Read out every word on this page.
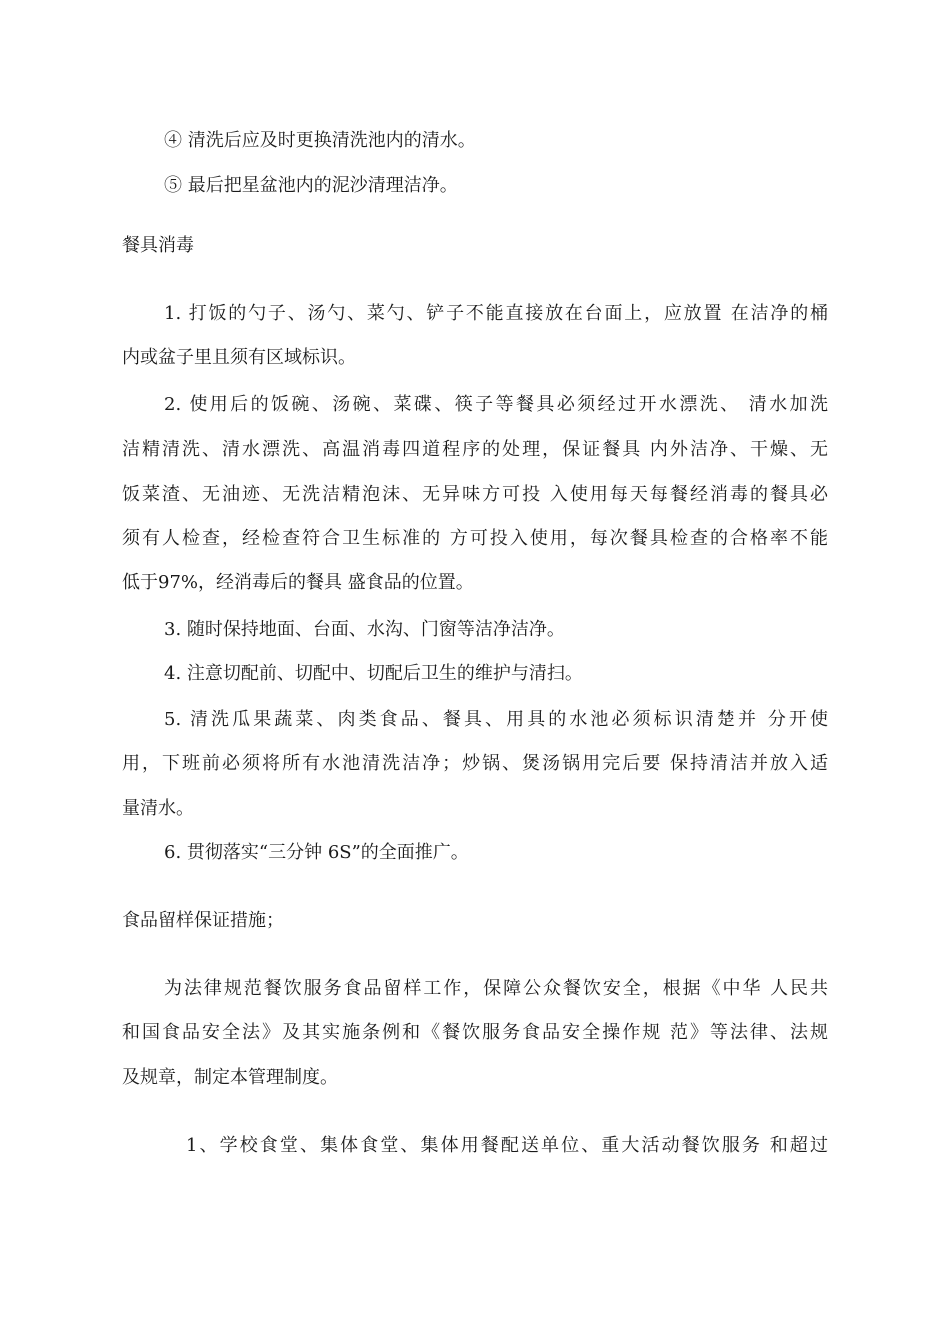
④ 清洗后应及时更换清洗池内的清水。
⑤ 最后把星盆池内的泥沙清理洁净。
餐具消毒
1. 打饭的勺子、汤勺、菜勺、铲子不能直接放在台面上，应放置 在洁净的桶
内或盆子里且须有区域标识。
2. 使用后的饭碗、汤碗、菜碟、筷子等餐具必须经过开水漂洗、 清水加洗
洁精清洗、清水漂洗、高温消毒四道程序的处理，保证餐具 内外洁净、干燥、无
饭菜渣、无油迹、无洗洁精泡沫、无异味方可投 入使用每天每餐经消毒的餐具必
须有人检查，经检查符合卫生标准的 方可投入使用，每次餐具检查的合格率不能
低于97%，经消毒后的餐具 盛食品的位置。
3. 随时保持地面、台面、水沟、门窗等洁净洁净。
4. 注意切配前、切配中、切配后卫生的维护与清扫。
5. 清洗瓜果蔬菜、肉类食品、餐具、用具的水池必须标识清楚并 分开使
用，下班前必须将所有水池清洗洁净；炒锅、煲汤锅用完后要 保持清洁并放入适
量清水。
6. 贯彻落实“三分钟 6S”的全面推广。
食品留样保证措施；
为法律规范餐饮服务食品留样工作，保障公众餐饮安全，根据《中华 人民共
和国食品安全法》及其实施条例和《餐饮服务食品安全操作规 范》等法律、法规
及规章，制定本管理制度。
1、学校食堂、集体食堂、集体用餐配送单位、重大活动餐饮服务 和超过
